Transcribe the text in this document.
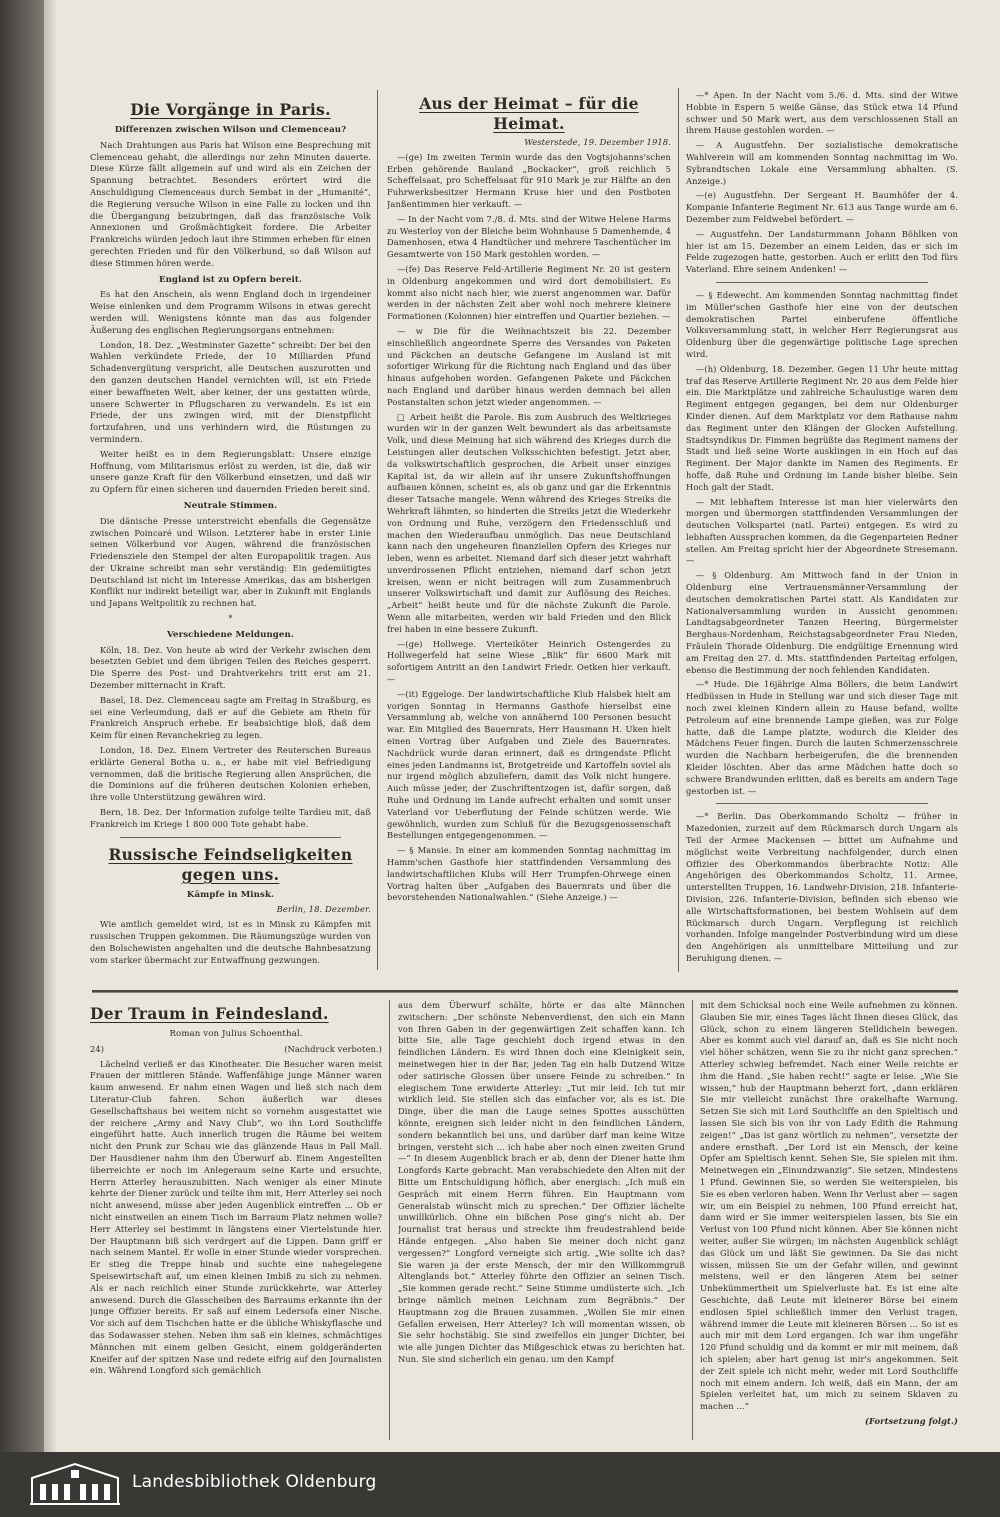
Die Vorgänge in Paris.
Differenzen zwischen Wilson und Clemenceau?

Nach Drahtungen aus Paris hat Wilson eine Besprechung mit Clemenceau gehabt, die allerdings nur zehn Minuten dauerte. Diese Kürze fällt allgemein auf und wird als ein Zeichen der Spannung betrachtet. Besonders erörtert wird die Anschuldigung Clemenceaus durch Sembat in der „Humanité“, die Regierung versuche Wilson in eine Falle zu locken und ihn die Übergangung beizubringen, daß das französische Volk Annexionen und Großmächtigkeit fordere. Die Arbeiter Frankreichs würden jedoch laut ihre Stimmen erheben für einen gerechten Frieden und für den Völkerbund, so daß Wilson auf diese Stimmen hören werde.

England ist zu Opfern bereit.

Es hat den Anschein, als wenn England doch in irgendeiner Weise einlenken und dem Programm Wilsons in etwas gerecht werden will. Wenigstens könnte man das aus folgender Äußerung des englischen Regierungsorgans entnehmen:

London, 18. Dez. „Westminster Gazette“ schreibt: Der bei den Wahlen verkündete Friede, der 10 Milliarden Pfund Schadenvergütung verspricht, alle Deutschen auszurotten und den ganzen deutschen Handel vernichten will, ist ein Friede einer bewaffneten Welt, aber keiner, der uns gestatten würde, unsere Schwerter in Pflugscharen zu verwandeln. Es ist ein Friede, der uns zwingen wird, mit der Dienstpflicht fortzufahren, und uns verhindern wird, die Rüstungen zu vermindern.

Weiter heißt es in dem Regierungsblatt: Unsere einzige Hoffnung, vom Militarismus erlöst zu werden, ist die, daß wir unsere ganze Kraft für den Völkerbund einsetzen, und daß wir zu Opfern für einen sicheren und dauernden Frieden bereit sind.

Neutrale Stimmen.

Die dänische Presse unterstreicht ebenfalls die Gegensätze zwischen Poincaré und Wilson. Letzterer habe in erster Linie seinen Völkerbund vor Augen, während die französischen Friedensziele den Stempel der alten Europapolitik tragen. Aus der Ukraine schreibt man sehr verständig: Ein gedemütigtes Deutschland ist nicht im Interesse Amerikas, das am bisherigen Konflikt nur indirekt beteiligt war, aber in Zukunft mit Englands und Japans Weltpolitik zu rechnen hat.

*
Verschiedene Meldungen.

Köln, 18. Dez. Von heute ab wird der Verkehr zwischen dem besetzten Gebiet und dem übrigen Teilen des Reiches gesperrt. Die Sperre des Post- und Drahtverkehrs tritt erst am 21. Dezember mitternacht in Kraft.

Basel, 18. Dez. Clemenceau sagte am Freitag in Straßburg, es sei eine Verleumdung, daß er auf die Gebiete am Rhein für Frankreich Anspruch erhebe. Er beabsichtige bloß, daß dem Keim für einen Revanchekrieg zu legen.

London, 18. Dez. Einem Vertreter des Reuterschen Bureaus erklärte General Botha u. a., er habe mit viel Befriedigung vernommen, daß die britische Regierung allen Ansprüchen, die die Dominions auf die früheren deutschen Kolonien erheben, ihre volle Unterstützung gewähren wird.

Bern, 18. Dez. Der Information zufolge teilte Tardieu mit, daß Frankreich im Kriege 1 800 000 Tote gehabt habe.

Russische Feindseligkeiten gegen uns.
Kämpfe in Minsk.
Berlin, 18. Dezember.

Wie amtlich gemeldet wird, ist es in Minsk zu Kämpfen mit russischen Truppen gekommen. Die Räumungszüge wurden von den Bolschewisten angehalten und die deutsche Bahnbesatzung vom starker übermacht zur Entwaffnung gezwungen.

Aus der Heimat – für die Heimat.
Westerstede, 19. Dezember 1918.

—(ge) Im zweiten Termin wurde das den Vogtsjohanns'schen Erben gehörende Bauland „Bockacker“, groß reichlich 5 Scheffelsaat, pro Scheffelsaat für 910 Mark je zur Hälfte an den Fuhrwerksbesitzer Hermann Kruse hier und den Postboten Janßentimmen hier verkauft. —

— In der Nacht vom 7./8. d. Mts. sind der Witwe Helene Harms zu Westerloy von der Bleiche beim Wohnhause 5 Damenhemde, 4 Damenhosen, etwa 4 Handtücher und mehrere Taschentücher im Gesamtwerte von 150 Mark gestohlen worden. —

—(fe) Das Reserve Feld-Artillerie Regiment Nr. 20 ist gestern in Oldenburg angekommen und wird dort demobilisiert. Es kommt also nicht nach hier, wie zuerst angenommen war. Dafür werden in der nächsten Zeit aber wohl noch mehrere kleinere Formationen (Kolonnen) hier eintreffen und Quartier beziehen. —

— w Die für die Weihnachtszeit bis 22. Dezember einschließlich angeordnete Sperre des Versandes von Paketen und Päckchen an deutsche Gefangene im Ausland ist mit sofortiger Wirkung für die Richtung nach England und das über hinaus aufgehoben worden. Gefangenen Pakete und Päckchen nach England und darüber hinaus werden demnach bei allen Postanstalten schon jetzt wieder angenommen. —

□ Arbeit heißt die Parole. Bis zum Ausbruch des Weltkrieges wurden wir in der ganzen Welt bewundert als das arbeitsamste Volk, und diese Meinung hat sich während des Krieges durch die Leistungen aller deutschen Volksschichten befestigt. Jetzt aber, da volkswirtschaftlich gesprochen, die Arbeit unser einziges Kapital ist, da wir allein auf ihr unsere Zukunftshoffnungen aufbauen können, scheint es, als ob ganz und gar die Erkenntnis dieser Tatsache mangele. Wenn während des Krieges Streiks die Wehrkraft lähmten, so hinderten die Streiks jetzt die Wiederkehr von Ordnung und Ruhe, verzögern den Friedensschluß und machen den Wiederaufbau unmöglich. Das neue Deutschland kann nach den ungeheuren finanziellen Opfern des Krieges nur leben, wenn es arbeitet. Niemand darf sich dieser jetzt wahrhaft unverdrossenen Pflicht entziehen, niemand darf schon jetzt kreisen, wenn er nicht beitragen will zum Zusammenbruch unserer Volkswirtschaft und damit zur Auflösung des Reiches. „Arbeit“ heißt heute und für die nächste Zukunft die Parole. Wenn alle mitarbeiten, werden wir bald Frieden und den Blick frei haben in eine bessere Zukunft.

—(ge) Hollwege. Vierteiköter Heinrich Ostengerdes zu Hollwegerfeld hat seine Wiese „Blik“ für 6600 Mark mit sofortigem Antritt an den Landwirt Friedr. Oetken hier verkauft. —

—(it) Eggeloge. Der landwirtschaftliche Klub Halsbek hielt am vorigen Sonntag in Hermanns Gasthofe hierselbst eine Versammlung ab, welche von annähernd 100 Personen besucht war. Ein Mitglied des Bauernrats, Herr Hausmann H. Uken hielt einen Vortrag über Aufgaben und Ziele des Bauernrates. Nachdrück wurde daran erinnert, daß es dringendste Pflicht eines jeden Landmanns ist, Brotgetreide und Kartoffeln soviel als nur irgend möglich abzuliefern, damit das Volk nicht hungere. Auch müsse jeder, der Zuschriftentzogen ist, dafür sorgen, daß Ruhe und Ordnung im Lande aufrecht erhalten und somit unser Vaterland vor Ueberflutung der Feinde schützen werde. Wie gewöhnlich, wurden zum Schluß für die Bezugsgenossenschaft Bestellungen entgegengenommen. —

— § Mansie. In einer am kommenden Sonntag nachmittag im Hamm'schen Gasthofe hier stattfindenden Versammlung des landwirtschaftlichen Klubs will Herr Trumpfen-Ohrwege einen Vortrag halten über „Aufgaben des Bauernrats und über die bevorstehenden Nationalwahlen.“ (Siehe Anzeige.) —

—* Apen. In der Nacht vom 5./6. d. Mts. sind der Witwe Hobbie in Espern 5 weiße Gänse, das Stück etwa 14 Pfund schwer und 50 Mark wert, aus dem verschlossenen Stall an ihrem Hause gestohlen worden. —

— A Augustfehn. Der sozialistische demokratische Wahlverein will am kommenden Sonntag nachmittag im Wo. Sybrandtschen Lokale eine Versammlung abhalten. (S. Anzeige.)

—(e) Augustfehn. Der Sergeant H. Baumhöfer der 4. Kompanie Infanterie Regiment Nr. 613 aus Tange wurde am 6. Dezember zum Feldwebel befördert. —

— Augustfehn. Der Landsturmmann Johann Böhlken von hier ist am 15. Dezember an einem Leiden, das er sich im Felde zugezogen hatte, gestorben. Auch er erlitt den Tod fürs Vaterland. Ehre seinem Andenken! —

— § Edewecht. Am kommenden Sonntag nachmittag findet im Müller'schen Gasthofe hier eine von der deutschen demokratischen Partei einberufene öffentliche Volksversammlung statt, in welcher Herr Regierungsrat aus Oldenburg über die gegenwärtige politische Lage sprechen wird.

—(h) Oldenburg, 18. Dezember. Gegen 11 Uhr heute mittag traf das Reserve Artillerie Regiment Nr. 20 aus dem Felde hier ein. Die Marktplätze und zahlreiche Schaulustige waren dem Regiment entgegen gegangen, bei dem nur Oldenburger Kinder dienen. Auf dem Marktplatz vor dem Rathause nahm das Regiment unter den Klängen der Glocken Aufstellung. Stadtsyndikus Dr. Fimmen begrüßte das Regiment namens der Stadt und ließ seine Worte ausklingen in ein Hoch auf das Regiment. Der Major dankte im Namen des Regiments. Er hoffe, daß Ruhe und Ordnung im Lande bisher bleibe. Sein Hoch galt der Stadt.

— Mit lebhaftem Interesse ist man hier vielerwärts den morgen und übermorgen stattfindenden Versammlungen der deutschen Volkspartei (natl. Partei) entgegen. Es wird zu lebhaften Aussprachen kommen, da die Gegenparteien Redner stellen. Am Freitag spricht hier der Abgeordnete Stresemann. —

— § Oldenburg. Am Mittwoch fand in der Union in Oldenburg eine Vertrauensmänner-Versammlung der deutschen demokratischen Partei statt. Als Kandidaten zur Nationalversammlung wurden in Aussicht genommen: Landtagsabgeordneter Tanzen Heering, Bürgermeister Berghaus-Nordenham, Reichstagsabgeordneter Frau Nieden, Fräulein Thorade Oldenburg. Die endgültige Ernennung wird am Freitag den 27. d. Mts. stattfindenden Parteitag erfolgen, ebenso die Bestimmung der noch fehlenden Kandidaten.

—* Hude. Die 16jährige Alma Böllers, die beim Landwirt Hedbüssen in Hude in Stellung war und sich dieser Tage mit noch zwei kleinen Kindern allein zu Hause befand, wollte Petroleum auf eine brennende Lampe gießen, was zur Folge hatte, daß die Lampe platzte, wodurch die Kleider des Mädchens Feuer fingen. Durch die lauten Schmerzensschreie wurden die Nachbarn herbeigerufen, die die brennenden Kleider löschten. Aber das arme Mädchen hatte doch so schwere Brandwunden erlitten, daß es bereits am andern Tage gestorben ist. —

—* Berlin. Das Oberkommando Scholtz — früher in Mazedonien, zurzeit auf dem Rückmarsch durch Ungarn als Teil der Armee Mackensen — bittet um Aufnahme und möglichst weite Verbreitung nachfolgender, durch einen Offizier des Oberkommandos überbrachte Notiz: Alle Angehörigen des Oberkommandos Scholtz, 11. Armee, unterstellten Truppen, 16. Landwehr-Division, 218. Infanterie-Division, 226. Infanterie-Division, befinden sich ebenso wie alle Wirtschaftsformationen, bei bestem Wohlsein auf dem Rückmarsch durch Ungarn. Verpflegung ist reichlich vorhanden. Infolge mangelnder Postverbindung wird um diese den Angehörigen als unmittelbare Mitteilung und zur Beruhigung dienen. —

Der Traum in Feindesland.
Roman von Julius Schoenthal.
24)	(Nachdruck verboten.)

Lächelnd verließ er das Kinotheater. Die Besucher waren meist Frauen der mittleren Stände. Waffenfähige junge Männer waren kaum anwesend. Er nahm einen Wagen und ließ sich nach dem Literatur-Club fahren. Schon äußerlich war dieses Gesellschaftshaus bei weitem nicht so vornehm ausgestattet wie der reichere „Army and Navy Club“, wo ihn Lord Southcliffe eingeführt hatte. Auch innerlich trugen die Räume bei weitem nicht den Prunk zur Schau wie das glänzende Haus in Pall Mall. Der Hausdiener nahm ihm den Überwurf ab. Einem Angestellten überreichte er noch im Anlegeraum seine Karte und ersuchte, Herrn Atterley herauszubitten. Nach weniger als einer Minute kehrte der Diener zurück und teilte ihm mit, Herr Atterley sei noch nicht anwesend, müsse aber jeden Augenblick eintreffen ... Ob er nicht einstweilen an einem Tisch im Barraum Platz nehmen wolle? Herr Atterley sei bestimmt in längstens einer Viertelstunde hier. Der Hauptmann biß sich verdrgert auf die Lippen. Dann griff er nach seinem Mantel. Er wolle in einer Stunde wieder vorsprechen. Er stieg die Treppe hinab und suchte eine nahegelegene Speisewirtschaft auf, um einen kleinen Imbiß zu sich zu nehmen. Als er nach reichlich einer Stunde zurückkehrte, war Atterley anwesend. Durch die Glasscheiben des Barraums erkannte ihn der junge Offizier bereits. Er saß auf einem Ledersofa einer Nische. Vor sich auf dem Tischchen hatte er die übliche Whiskyflasche und das Sodawasser stehen. Neben ihm saß ein kleines, schmächtiges Männchen mit einem gelben Gesicht, einem goldgeränderten Kneifer auf der spitzen Nase und redete eifrig auf den Journalisten ein. Während Longford sich gemächlich

aus dem Überwurf schälte, hörte er das alte Männchen zwitschern: „Der schönste Nebenverdienst, den sich ein Mann von Ihren Gaben in der gegenwärtigen Zeit schaffen kann. Ich bitte Sie, alle Tage geschieht doch irgend etwas in den feindlichen Ländern. Es wird Ihnen doch eine Kleinigkeit sein, meinetwegen hier in der Bar, jeden Tag ein halb Dutzend Witze oder satirische Glossen über unsere Feinde zu schreiben.“ In elegischem Tone erwiderte Atterley: „Tut mir leid. Ich tut mir wirklich leid. Sie stellen sich das einfacher vor, als es ist. Die Dinge, über die man die Lauge seines Spottes ausschütten könnte, ereignen sich leider nicht in den feindlichen Ländern, sondern bekanntlich bei uns, und darüber darf man keine Witze bringen, versteht sich ... ich habe aber noch einen zweiten Grund —“ In diesem Augenblick brach er ab, denn der Diener hatte ihm Longfords Karte gebracht. Man verabschiedete den Alten mit der Bitte um Entschuldigung höflich, aber energisch: „Ich muß ein Gespräch mit einem Herrn führen. Ein Hauptmann vom Generalstab wünscht mich zu sprechen.“ Der Offizier lächelte unwillkürlich. Ohne ein bißchen Pose ging's nicht ab. Der Journalist trat heraus und streckte ihm freudestrahlend beide Hände entgegen. „Also haben Sie meiner doch nicht ganz vergessen?“ Longford verneigte sich artig. „Wie sollte ich das? Sie waren ja der erste Mensch, der mir den Willkommgruß Altenglands bot.“ Atterley führte den Offizier an seinen Tisch. „Sie kommen gerade recht.“ Seine Stimme umdüsterte sich. „Ich bringe nämlich meinen Leichnam zum Begräbnis.“ Der Hauptmann zog die Brauen zusammen. „Wollen Sie mir einen Gefallen erweisen, Herr Atterley? Ich will momentan wissen, ob Sie sehr hochstäbig. Sie sind zweifellos ein junger Dichter, bei wie alle jungen Dichter das Mißgeschick etwas zu berichten hat. Nun. Sie sind sicherlich ein genau. um den Kampf

mit dem Schicksal noch eine Weile aufnehmen zu können. Glauben Sie mir, eines Tages lächt Ihnen dieses Glück, das Glück, schon zu einem längeren Stelldichein bewegen. Aber es kommt auch viel darauf an, daß es Sie nicht noch viel höher schätzen, wenn Sie zu ihr nicht ganz sprechen.“ Atterley schwieg befremdet. Nach einer Weile reichte er ihm die Hand. „Sie haben recht!“ sagte er leise. „Wie Sie wissen,“ hub der Hauptmann beherzt fort, „dann erklären Sie mir vielleicht zunächst Ihre orakelhafte Warnung. Setzen Sie sich mit Lord Southcliffe an den Spieltisch und lassen Sie sich bis von ihr von Lady Edith die Rahmung zeigen!“ „Das ist ganz wörtlich zu nehmen“, versetzte der andere ernsthaft. „Der Lord ist ein Mensch, der keine Opfer am Spieltisch kennt. Sehen Sie, Sie spielen mit ihm. Meinetwegen ein „Einundzwanzig“. Sie setzen, Mindestens 1 Pfund. Gewinnen Sie, so werden Sie weiterspielen, bis Sie es eben verloren haben. Wenn Ihr Verlust aber — sagen wir, um ein Beispiel zu nehmen, 100 Pfund erreicht hat, dann wird er Sie immer weiterspielen lassen, bis Sie ein Verlust von 100 Pfund nicht können. Aber Sie können nicht weiter, außer Sie würgen; im nächsten Augenblick schlägt das Glück um und läßt Sie gewinnen. Da Sie das nicht wissen, müssen Sie um der Gefahr willen, und gewinnt meistens, weil er den längeren Atem bei seiner Unbekümmertheit um Spielverluste hat. Es ist eine alte Geschichte, daß Leute mit kleinerer Börse bei einem endlosen Spiel schließlich immer den Verlust tragen, während immer die Leute mit kleineren Börsen ... So ist es auch mir mit dem Lord ergangen. Ich war ihm ungefähr 120 Pfund schuldig und da kommt er mir mit meinem, daß ich spielen; aber hart genug ist mir's angekommen. Seit der Zeit spiele ich nicht mehr, weder mit Lord Southcliffe noch mit einem andern. Ich weiß, daß ein Mann, der am Spielen verleitet hat, um mich zu seinem Sklaven zu machen ...“

(Fortsetzung folgt.)

Landesbibliothek Oldenburg
